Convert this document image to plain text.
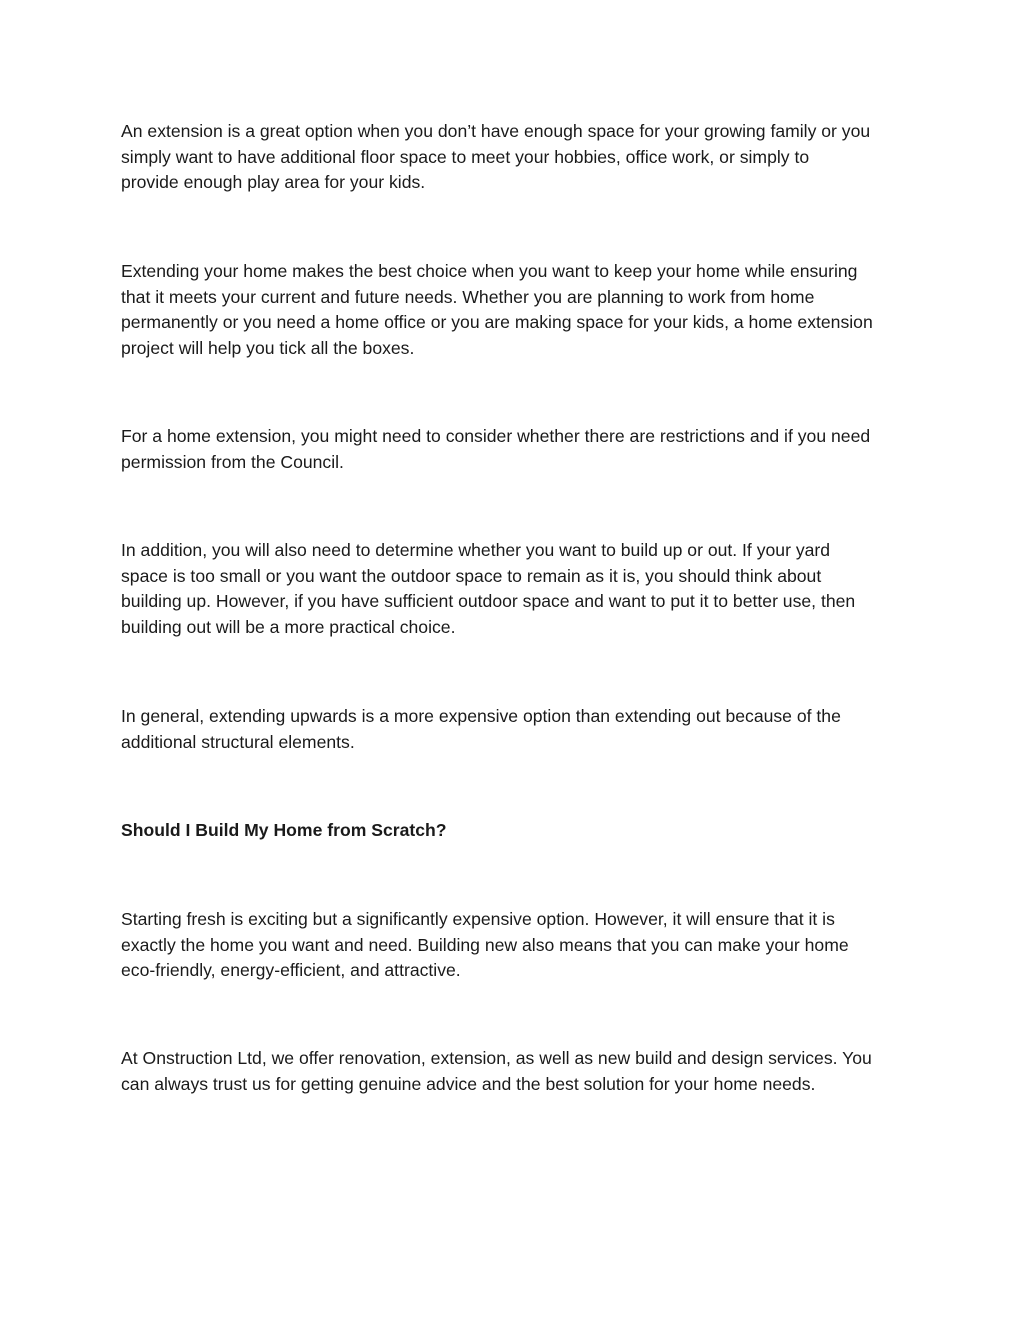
An extension is a great option when you don’t have enough space for your growing family or you
simply want to have additional floor space to meet your hobbies, office work, or simply to
provide enough play area for your kids.

Extending your home makes the best choice when you want to keep your home while ensuring
that it meets your current and future needs. Whether you are planning to work from home
permanently or you need a home office or you are making space for your kids, a home extension
project will help you tick all the boxes.

For a home extension, you might need to consider whether there are restrictions and if you need
permission from the Council.

In addition, you will also need to determine whether you want to build up or out. If your yard
space is too small or you want the outdoor space to remain as it is, you should think about
building up. However, if you have sufficient outdoor space and want to put it to better use, then
building out will be a more practical choice.

In general, extending upwards is a more expensive option than extending out because of the
additional structural elements.

Should I Build My Home from Scratch?

Starting fresh is exciting but a significantly expensive option. However, it will ensure that it is
exactly the home you want and need. Building new also means that you can make your home
eco-friendly, energy-efficient, and attractive.

At Onstruction Ltd, we offer renovation, extension, as well as new build and design services. You
can always trust us for getting genuine advice and the best solution for your home needs.
